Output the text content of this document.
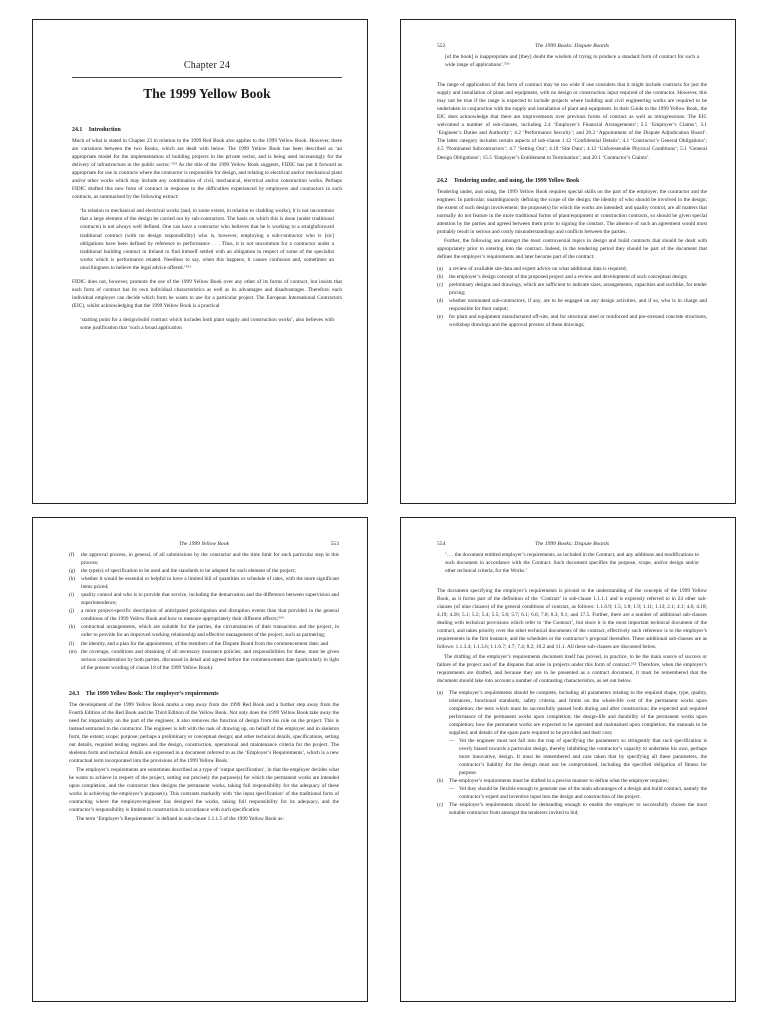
Chapter 24
The 1999 Yellow Book
24.1 Introduction

Much of what is stated in Chapter 23 in relation to the 1999 Red Book also applies to the 1999 Yellow Book. However, there are variations between the two Books, which are dealt with below. The 1999 Yellow Book has been described as ‘an appropriate model for the implementation of building projects in the private sector, and is being used increasingly for the delivery of infrastructure in the public sector.’⁵⁵¹ As the title of the 1999 Yellow Book suggests, FIDIC has put it forward as appropriate for use in contracts where the contractor is responsible for design, and relating to electrical and/or mechanical plant and/or other works which may include any combination of civil, mechanical, electrical and/or construction works. Perhaps FIDIC drafted this new form of contract in response to the difficulties experienced by employers and contractors in such contracts, as summarised by the following extract:

‘In relation to mechanical and electrical works (and, to some extent, in relation to cladding works), it is not uncommon that a large element of the design be carried out by sub-contractors. The basis on which this is done (under traditional contracts) is not always well defined. One can have a contractor who believes that he is working to a straightforward traditional contract (with no design responsibility) who is, however, employing a sub-contractor who is [sic] obligations have been defined by reference to performance . . . Thus, it is not uncommon for a contractor under a traditional building contract in Ireland to find himself settled with an obligation in respect of some of the specialist works which is performance related. Needless to say, when this happens, it causes confusion and, sometimes an unwillingness to believe the legal advice offered.’⁵⁵²

FIDIC does not, however, promote the use of the 1999 Yellow Book over any other of its forms of contract, but insists that each form of contract has its own individual characteristics as well as its advantages and disadvantages. Therefore, each individual employer can decide which form he wants to use for a particular project. The European International Contractors (EIC), whilst acknowledging that the 1999 Yellow Book is a practical

‘starting point for a design/build contract which includes both plant supply and construction works’, also believes with some justification that ‘such a broad application

552	The 1999 Books: Dispute Boards

[of the book] is inappropriate and [they] doubt the wisdom of trying to produce a standard form of contract for such a wide range of applications’.⁵⁵³

The range of application of this form of contract may be too wide if one considers that it might include contracts for just the supply and installation of plant and equipment, with no design or construction input required of the contractor. However, this may not be true if the range is expected to include projects where building and civil engineering works are required to be undertaken in conjunction with the supply and installation of plant and equipment. In their Guide to the 1999 Yellow Book, the EIC does acknowledge that there are improvements over previous forms of contract as well as retrogressions. The EIC welcomed a number of sub-clauses, including 2.4 ‘Employer’s Financial Arrangements’; 2.5 ‘Employer’s Claims’; 3.1 ‘Engineer’s Duties and Authority’; 4.2 ‘Performance Security’; and 20.2 ‘Appointment of the Dispute Adjudication Board’. The latter category includes certain aspects of sub-clause 1.12 ‘Confidential Details’; 4.1 ‘Contractor’s General Obligations’; 4.5 ‘Nominated Subcontractors’; 4.7 ‘Setting Out’; 4.10 ‘Site Data’; 4.12 ‘Unforeseeable Physical Conditions’; 5.1 ‘General Design Obligations’; 15.5 ‘Employer’s Entitlement to Termination’; and 20.1 ‘Contractor’s Claims’.

24.2 Tendering under, and using, the 1999 Yellow Book

Tendering under, and using, the 1999 Yellow Book requires special skills on the part of the employer, the contractor and the engineer. In particular, unambiguously defining the scope of the design; the identity of who should be involved in the design; the extent of such design involvement; the purpose(s) for which the works are intended; and quality control, are all matters that normally do not feature in the more traditional forms of plant/equipment or construction contracts, so should be given special attention by the parties and agreed between them prior to signing the contract. The absence of such an agreement would most probably result in serious and costly misunderstandings and conflicts between the parties.

Further, the following are amongst the most controversial topics in design and build contracts that should be dealt with appropriately prior to entering into the contract. Indeed, in the tendering period they should be part of the document that defines the employer’s requirements and later become part of the contract:

(a) a review of available site data and expert advice on what additional data is required;
(b) the employer’s design concept of the proposed project and a review and development of such conceptual design;
(c) preliminary designs and drawings, which are sufficient to indicate sizes, arrangements, capacities and suchlike, for tender pricing;
(d) whether nominated sub-contractors, if any, are to be engaged on any design activities, and if so, who is in charge and responsible for their output;
(e) for plant and equipment manufactured off-site, and for structural steel or reinforced and pre-stressed concrete structures, workshop drawings and the approval process of these drawings;
The 1999 Yellow Book	553
(f) the approval process, in general, of all submissions by the contractor and the time limit for each particular step in this process;
(g) the type(s) of specification to be used and the standards to be adopted for each element of the project;
(h) whether it would be essential or helpful to have a limited bill of quantities or schedule of rates, with the more significant items priced;
(i) quality control and who is to provide that service, including the demarcation and the difference between supervision and superintendence;
(j) a more project-specific description of anticipated prolongation and disruption events than that provided in the general conditions of the 1999 Yellow Book and how to measure appropriately their different effects;⁵⁵⁴
(k) contractual arrangements, which are suitable for the parties, the circumstances of their transaction and the project, in order to provide for an improved working relationship and effective management of the project, such as partnering;
(l) the identity, and a plan for the appointment, of the members of the Dispute Board from the commencement date; and
(m) the coverage, conditions and obtaining of all necessary insurance policies; and responsibilities for these, must be given serious consideration by both parties, discussed in detail and agreed before the commencement date (particularly in light of the present wording of clause 18 of the 1999 Yellow Book).
24.3 The 1999 Yellow Book: The employer’s requirements

The development of the 1999 Yellow Book marks a step away from the 1999 Red Book and a further step away from the Fourth Edition of the Red Book and the Third Edition of the Yellow Book. Not only does the 1999 Yellow Book take away the need for impartiality on the part of the engineer, it also removes the function of design from his role on the project. This is instead entrusted to the contractor. The engineer is left with the task of drawing up, on behalf of the employer and in skeleton form, the extent; scope; purpose; perhaps a preliminary or conceptual design; and other technical details, specifications, setting out details, required testing regimes and the design, construction, operational and maintenance criteria for the project. The skeleton form and technical details are expressed in a document referred to as the ‘Employer’s Requirements’, which is a new contractual term incorporated into the provisions of the 1999 Yellow Book.

The employer’s requirements are sometimes described as a type of ‘output specification’, in that the employer decides what he wants to achieve in respect of the project, setting out precisely the purpose(s) for which the permanent works are intended upon completion, and the contractor then designs the permanent works, taking full responsibility for the adequacy of these works in achieving the employer’s purpose(s). This contrasts markedly with ‘the input specification’ of the traditional form of contracting where the employer/engineer has designed the works, taking full responsibility for its adequacy, and the contractor’s responsibility is limited to construction in accordance with such specification.

The term ‘Employer’s Requirements’ is defined in sub-clause 1.1.1.5 of the 1999 Yellow Book as:

554	The 1999 Books: Dispute Boards

‘. . . the document entitled employer’s requirements, as included in the Contract, and any additions and modifications to such document in accordance with the Contract. Such document specifies the purpose, scope, and/or design and/or other technical criteria, for the Works.’

The document specifying the employer’s requirements is pivotal to the understanding of the concepts of the 1999 Yellow Book, as it forms part of the definition of the ‘Contract’ in sub-clause 1.1.1.1 and is expressly referred to in 24 other sub-clauses (of nine clauses) of the general conditions of contract, as follows: 1.1.6.9; 1.5; 1.8; 1.9; 1.11; 1.13; 2.1; 4.1; 4.6; 4.18; 4.19; 4.20; 5.1; 5.2; 5.4; 5.5; 5.6; 5.7; 6.1; 6.6; 7.8; 8.3; 9.1; and 17.5. Further, there are a number of additional sub-clauses dealing with technical provisions which refer to ‘the Contract’, but since it is the most important technical document of the contract, and takes priority over the other technical documents of the contract, effectively such reference is to the employer’s requirements in the first instance, and the schedules or the contractor’s proposal thereafter. These additional sub-clauses are as follows: 1.1.3.4; 1.1.3.6; 1.1.6.7; 4.7; 7.4; 8.2; 10.2 and 11.1. All these sub-clauses are discussed below.

The drafting of the employer’s requirements document itself has proved, in practice, to be the main source of success or failure of the project and of the disputes that arise in projects under this form of contract.⁵⁵⁵ Therefore, when the employer’s requirements are drafted, and because they are to be presented as a contract document, it must be remembered that the document should take into account a number of contrasting characteristics, as set out below.

(a) The employer’s requirements should be complete, including all parameters relating to the required shape, type, quality, tolerances, functional standards, safety criteria, and limits on the whole-life cost of the permanent works upon completion; the tests which must be successfully passed both during and after construction; the expected and required performance of the permanent works upon completion; the design-life and durability of the permanent works upon completion; how the permanent works are expected to be operated and maintained upon completion; the manuals to be supplied; and details of the spare parts required to be provided and their cost;
— Yet the engineer must not fall into the trap of specifying the parameters so stringently that such specification is overly biased towards a particular design, thereby inhibiting the contractor’s capacity to undertake his own, perhaps more innovative, design. It must be remembered and care taken that by specifying all these parameters, the contractor’s liability for the design must not be compromised, including the specified obligation of fitness for purpose.
(b) The employer’s requirements must be drafted in a precise manner to define what the employer requires;
— Yet they should be flexible enough to generate one of the main advantages of a design and build contract, namely the contractor’s expert and inventive input into the design and construction of the project.
(c) The employer’s requirements should be demanding enough to enable the employer to successfully choose the most suitable contractor from amongst the tenderers invited to bid;
